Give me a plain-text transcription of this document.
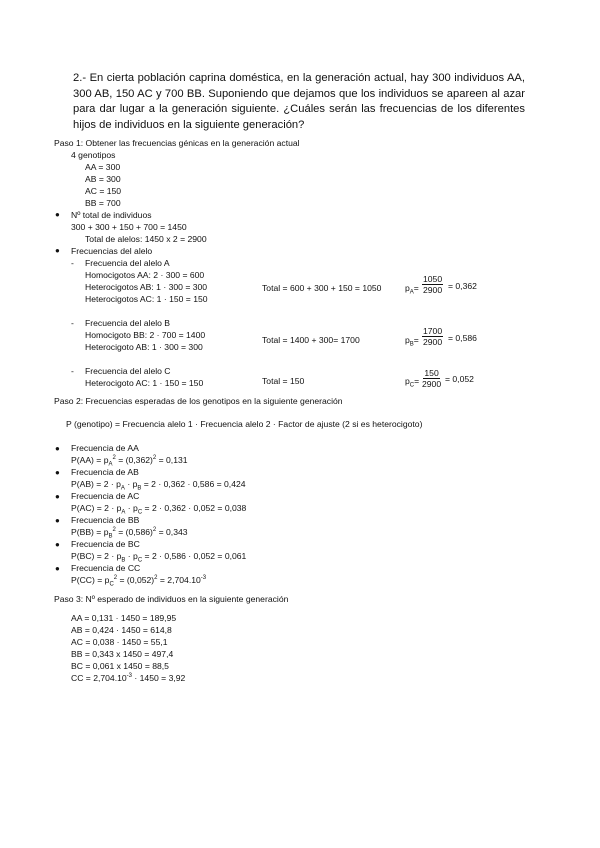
2.- En cierta población caprina doméstica, en la generación actual, hay 300 individuos AA, 300 AB, 150 AC y 700 BB. Suponiendo que dejamos que los individuos se apareen al azar para dar lugar a la generación siguiente. ¿Cuáles serán las frecuencias de los diferentes hijos de individuos en la siguiente generación?

Paso 1: Obtener las frecuencias génicas en la generación actual
4 genotipos
AA = 300
AB = 300
AC = 150
BB = 700
● Nº total de individuos
300 + 300 + 150 + 700 = 1450
Total de alelos: 1450 x 2 = 2900
● Frecuencias del alelo
- Frecuencia del alelo A
Homocigotos AA: 2 · 300 = 600
Heterocigotos AB: 1 · 300 = 300
Heterocigotos AC: 1 · 150 = 150
Total = 600 + 300 + 150 = 1050	$p_A= \frac{1050}{2900} = 0,362$
- Frecuencia del alelo B
Homocigoto BB: 2 · 700 = 1400
Heterocigoto AB: 1 · 300 = 300
Total = 1400 + 300= 1700	$p_B= \frac{1700}{2900} = 0,586$
- Frecuencia del alelo C
Heterocigoto AC: 1 · 150 = 150	Total = 150	$p_C= \frac{150}{2900} = 0,052$
Paso 2: Frecuencias esperadas de los genotipos en la siguiente generación
P (genotipo) = Frecuencia alelo 1 · Frecuencia alelo 2 · Factor de ajuste (2 si es heterocigoto)
● Frecuencia de AA
$P(AA) = p_A^2 = (0,362)^2 = 0,131$
● Frecuencia de AB
$P(AB) = 2 \cdot p_A \cdot p_B = 2 \cdot 0,362 \cdot 0,586 = 0,424$
● Frecuencia de AC
$P(AC) = 2 \cdot p_A \cdot p_C = 2 \cdot 0,362 \cdot 0,052 = 0,038$
● Frecuencia de BB
$P(BB) = p_B^2 = (0,586)^2 = 0,343$
● Frecuencia de BC
$P(BC) = 2 \cdot p_B \cdot p_C = 2 \cdot 0,586 \cdot 0,052 = 0,061$
● Frecuencia de CC
$P(CC) = p_C^2 = (0,052)^2 = 2,704.10^{-3}$
Paso 3: Nº esperado de individuos en la siguiente generación
AA = 0,131 · 1450 = 189,95
AB = 0,424 · 1450 = 614,8
AC = 0,038 · 1450 = 55,1
BB = 0,343 x 1450 = 497,4
BC = 0,061 x 1450 = 88,5
CC = $2,704.10^{-3} \cdot 1450 = 3,92$
